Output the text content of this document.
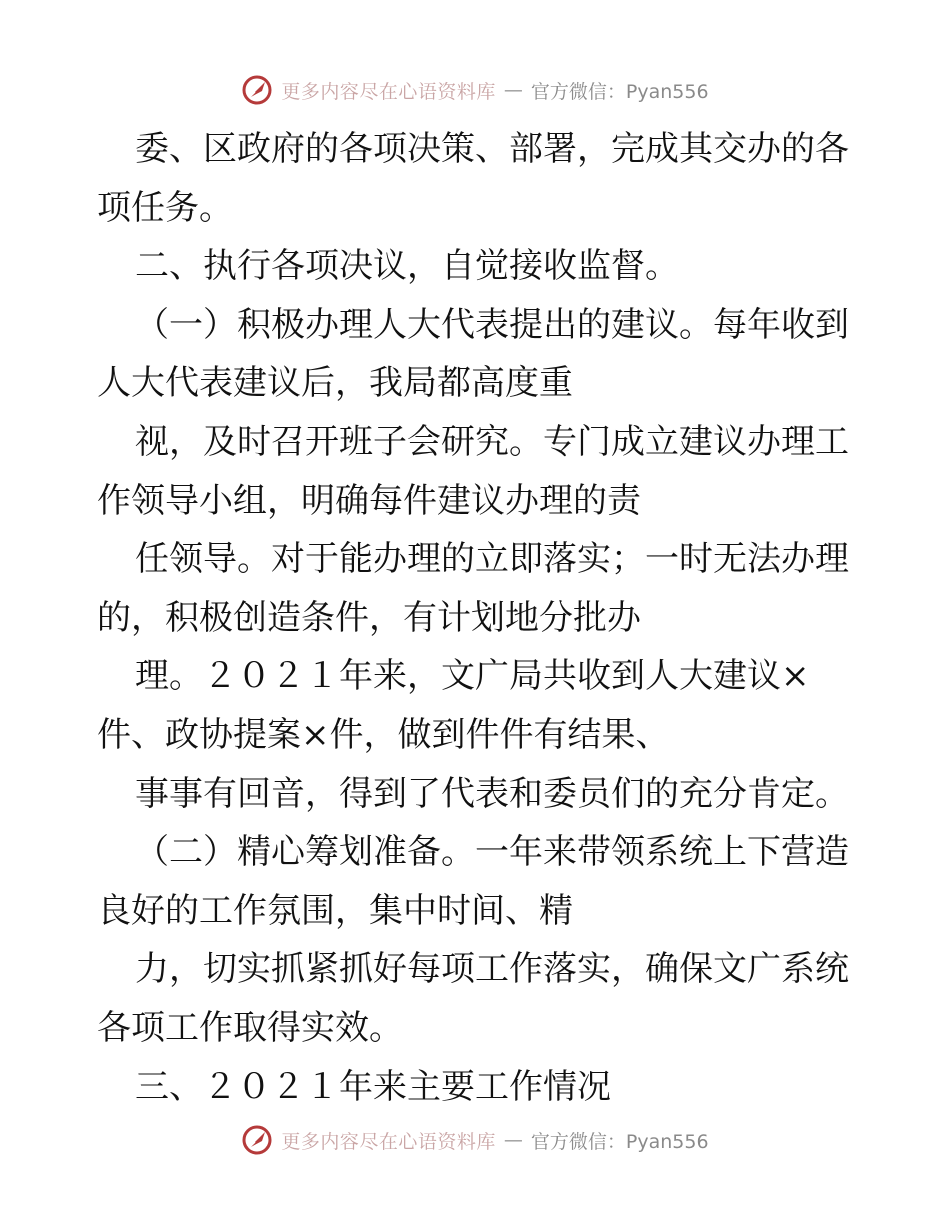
更多内容尽在心语资料库 — 官方微信：Pyan556
委、区政府的各项决策、部署，完成其交办的各
项任务。
二、执行各项决议，自觉接收监督。
（一）积极办理人大代表提出的建议。每年收到
人大代表建议后，我局都高度重
视，及时召开班子会研究。专门成立建议办理工
作领导小组，明确每件建议办理的责
任领导。对于能办理的立即落实；一时无法办理
的，积极创造条件，有计划地分批办
理。２０２１年来，文广局共收到人大建议×
件、政协提案×件，做到件件有结果、
事事有回音，得到了代表和委员们的充分肯定。
（二）精心筹划准备。一年来带领系统上下营造
良好的工作氛围，集中时间、精
力，切实抓紧抓好每项工作落实，确保文广系统
各项工作取得实效。
三、２０２１年来主要工作情况
更多内容尽在心语资料库 — 官方微信：Pyan556
